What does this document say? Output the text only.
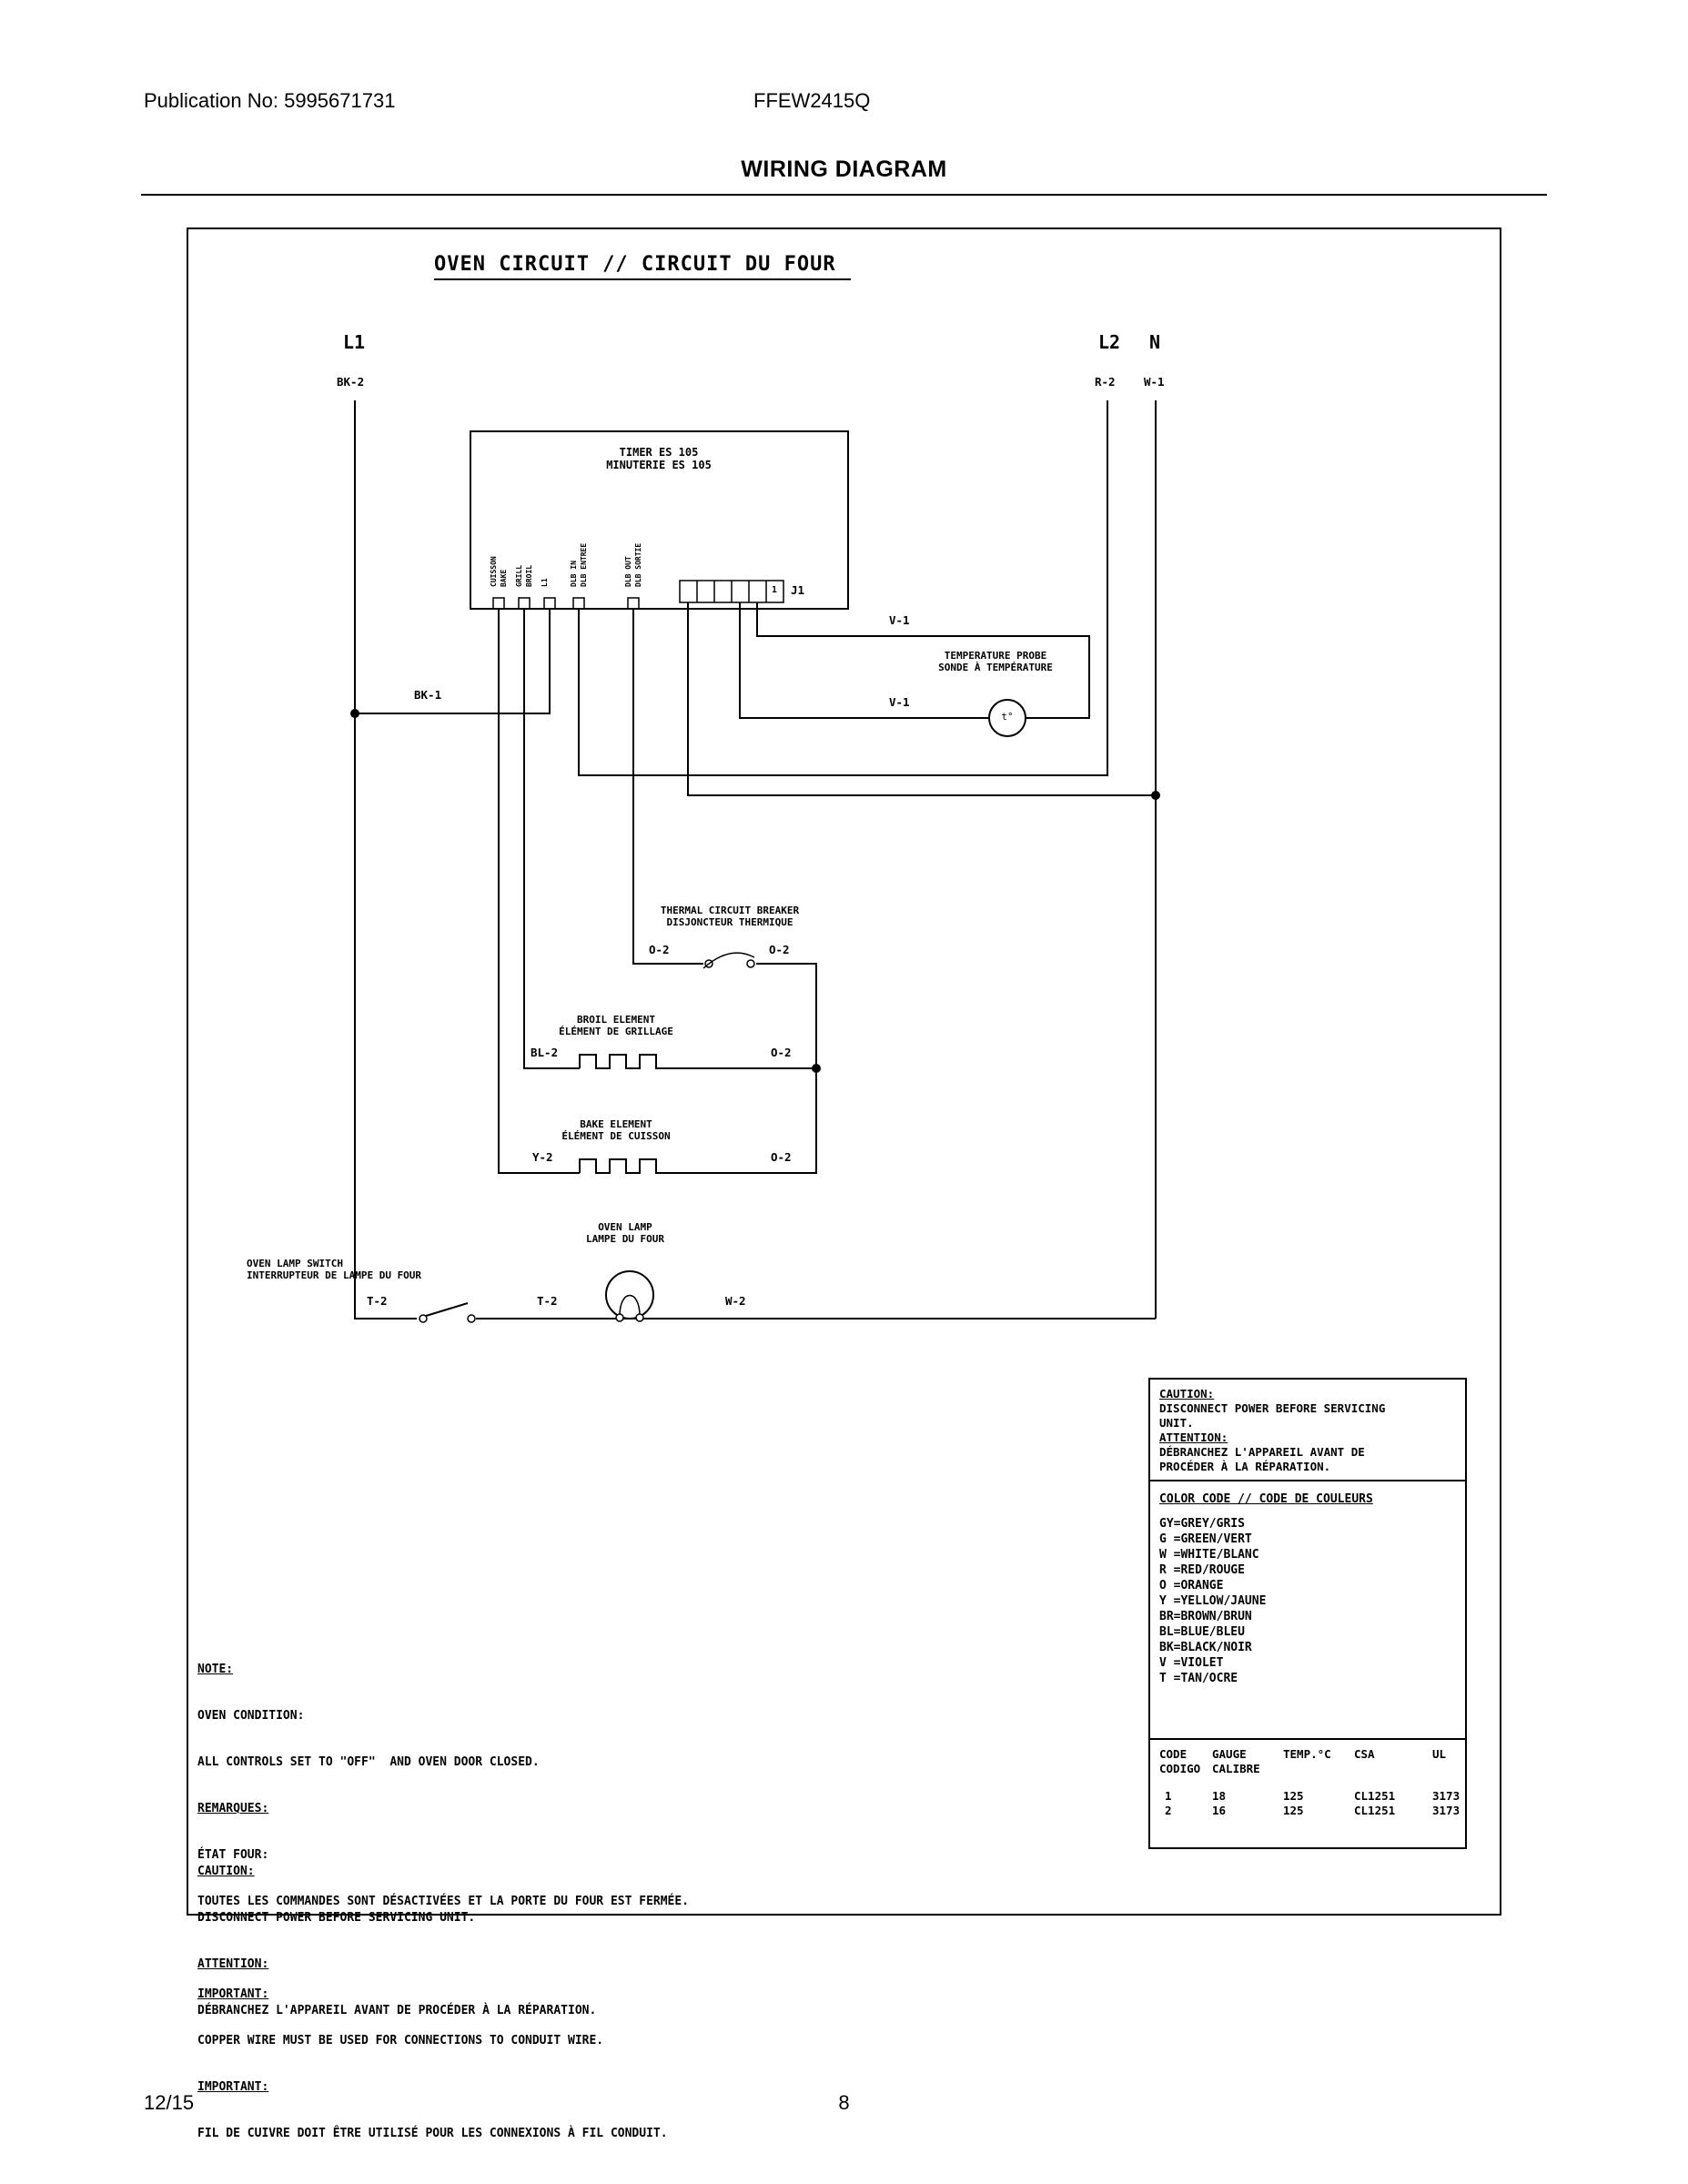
Publication No: 5995671731	FFEW2415Q
WIRING DIAGRAM
OVEN CIRCUIT // CIRCUIT DU FOUR
L1	L2 N
BK-2	R-2	W-1
TIMER ES 105
MINUTERIE ES 105
CUISSON BAKE GRILL BROIL L1	DLB IN DLB ENTREE	DLB OUT DLB SORTIE
1	J1
V-1
V-1
TEMPERATURE PROBE
SONDE À TEMPÉRATURE
t°
BK-1
THERMAL CIRCUIT BREAKER
DISJONCTEUR THERMIQUE
O-2	O-2
BROIL ELEMENT
ÉLÉMENT DE GRILLAGE
BL-2	O-2
BAKE ELEMENT
ÉLÉMENT DE CUISSON
Y-2	O-2
OVEN LAMP
LAMPE DU FOUR
OVEN LAMP SWITCH
INTERRUPTEUR DE LAMPE DU FOUR
T-2	T-2	W-2
CAUTION:
DISCONNECT POWER BEFORE SERVICING
UNIT.
ATTENTION:
DÉBRANCHEZ L'APPAREIL AVANT DE
PROCÉDER À LA RÉPARATION.
COLOR CODE // CODE DE COULEURS
GY=GREY/GRIS
G =GREEN/VERT
W =WHITE/BLANC
R =RED/ROUGE
O =ORANGE
Y =YELLOW/JAUNE
BR=BROWN/BRUN
BL=BLUE/BLEU
BK=BLACK/NOIR
V =VIOLET
T =TAN/OCRE
CODE	GAUGE	TEMP.°C	CSA	UL
CODIGO	CALIBRE
1	18	125	CL1251	3173
2	16	125	CL1251	3173

NOTE:

OVEN CONDITION:

ALL CONTROLS SET TO "OFF"  AND OVEN DOOR CLOSED.

REMARQUES:

ÉTAT FOUR:

TOUTES LES COMMANDES SONT DÉSACTIVÉES ET LA PORTE DU FOUR EST FERMÉE.

IMPORTANT:

COPPER WIRE MUST BE USED FOR CONNECTIONS TO CONDUIT WIRE.

IMPORTANT:

FIL DE CUIVRE DOIT ÊTRE UTILISÉ POUR LES CONNEXIONS À FIL CONDUIT.

CAUTION:

DISCONNECT POWER BEFORE SERVICING UNIT.

ATTENTION:

DÉBRANCHEZ L'APPAREIL AVANT DE PROCÉDER À LA RÉPARATION.

12/15	8
